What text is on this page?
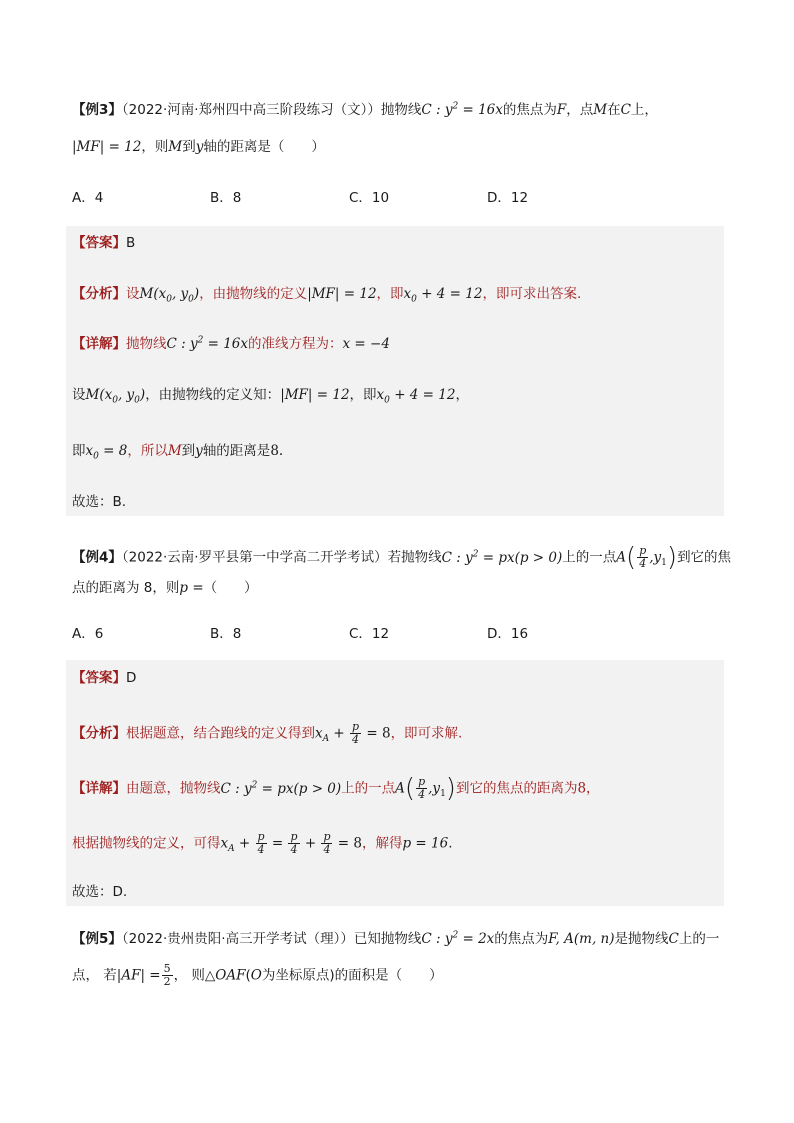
【例3】（2022·河南·郑州四中高三阶段练习（文））抛物线C : $y^2 = 16x$的焦点为F，点M在C上，
|MF| = 12，则M到y轴的距离是（　　）
A．4	B．8	C．10	D．12
【答案】B
【分析】设$M(x_0$, $y_0$)，由抛物线的定义|MF| = 12，即$x_0 + 4 = 12$，即可求出答案.
【详解】抛物线C : $y^2 = 16x$的准线方程为：x = −4
设$M(x_0$, $y_0$)，由抛物线的定义知：|MF| = 12，即$x_0 + 4 = 12$，
即$x_0 = 8$，所以M到y轴的距离是8.
故选：B.
【例4】（2022·云南·罗平县第一中学高二开学考试）若抛物线C : $y^2 = px(p > 0)$上的一点$A( \frac{p}{4} ,y_1)$到它的焦
点的距离为 8，则p =（　　）
A．6	B．8	C．12	D．16
【答案】D
【分析】根据题意，结合跑线的定义得到$x_A + \frac{p}{4} = 8$，即可求解.
【详解】由题意，抛物线C : $y^2 = px(p > 0)$上的一点$A( \frac{p}{4} ,y_1)$到它的焦点的距离为8，
根据抛物线的定义，可得$x_A + \frac{p}{4} = \frac{p}{4} + \frac{p}{4} = 8$，解得p = 16.
故选：D.
【例5】（2022·贵州贵阳·高三开学考试（理））已知抛物线C : $y^2 = 2x$的焦点为F, A(m, n)是抛物线C上的一
点， 若$|AF| = \frac{5}{2}$ ， 则△OAF(O为坐标原点)的面积是（　　）
